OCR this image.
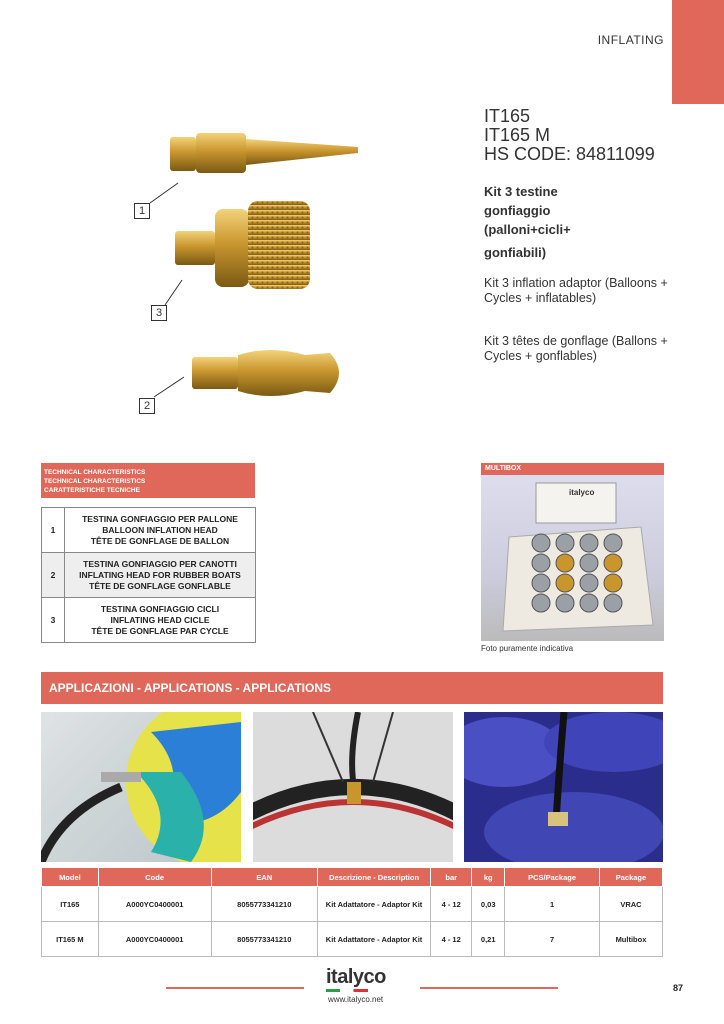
INFLATING
1
3
2
IT165
IT165 M
HS CODE: 84811099
Kit 3 testine
gonfiaggio
(palloni+cicli+
gonfiabili)
Kit 3 inflation adaptor (Balloons + Cycles + inflatables)
Kit 3 têtes de gonflage (Ballons + Cycles + gonflables)
TECHNICAL CHARACTERISTICS
TECHNICAL CHARACTERISTICS
CARATTERISTICHE TECNICHE
1	TESTINA GONFIAGGIO PER PALLONE
BALLOON INFLATION HEAD
TÊTE DE GONFLAGE DE BALLON

2	TESTINA GONFIAGGIO PER CANOTTI
INFLATING HEAD FOR RUBBER BOATS
TÊTE DE GONFLAGE GONFLABLE

3	TESTINA GONFIAGGIO CICLI
INFLATING HEAD CICLE
TÊTE DE GONFLAGE PAR CYCLE
MULTIBOX
italyco
Foto puramente indicativa
APPLICAZIONI - APPLICATIONS - APPLICATIONS
Model	Code	EAN	Descrizione - Description	bar	kg	PCS/Package	Package
IT165	A000YC0400001	8055773341210	Kit Adattatore - Adaptor Kit	4 - 12	0,03	1	VRAC
IT165 M	A000YC0400001	8055773341210	Kit Adattatore - Adaptor Kit	4 - 12	0,21	7	Multibox
italyco
www.italyco.net
87
